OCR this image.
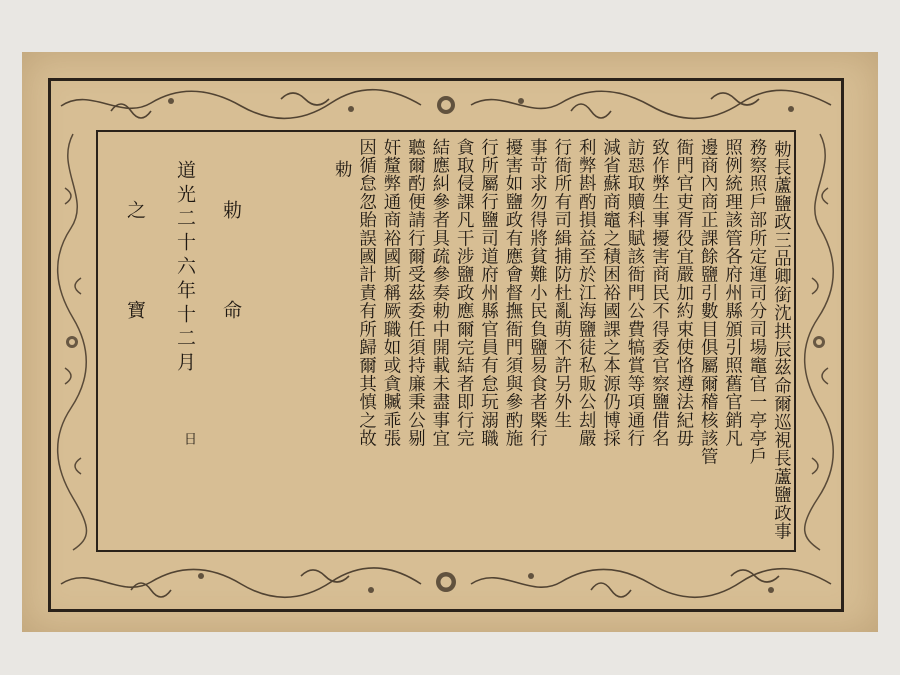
勅長蘆鹽政三品卿銜沈拱辰茲命爾巡視長蘆鹽政事
務察照戶部所定運司分司場竈官一亭亭戶
照例統理該管各府州縣頒引照舊官銷凡
邊商內商正課餘鹽引數目俱屬爾稽核該管
衙門官吏胥役宜嚴加約束使恪遵法紀毋
致作弊生事擾害商民不得委官察鹽借名
訪惡取贖科賦該衙門公費犒賞等項通行
減省蘇商竈之積困裕國課之本源仍博採
利弊斟酌損益至於江海鹽徒私販公刦嚴
行衙所有司緝捕防杜亂萌不許另外生
事苛求勿得將貧難小民負鹽易食者槩行
擾害如鹽政有應會督撫衙門須與參酌施
行所屬行鹽司道府州縣官員有怠玩溺職
貪取侵課凡干涉鹽政應爾完結者即行完
結應糾參者具疏參奏勅中開載未盡事宜
聽爾酌便請行爾受茲委任須持廉秉公剔
奸釐弊通商裕國斯稱厥職如或貪贓乖張
因循怠忽貽誤國計責有所歸爾其慎之故
勅
勅
命
道光二十六年十二月
日
之
寶
